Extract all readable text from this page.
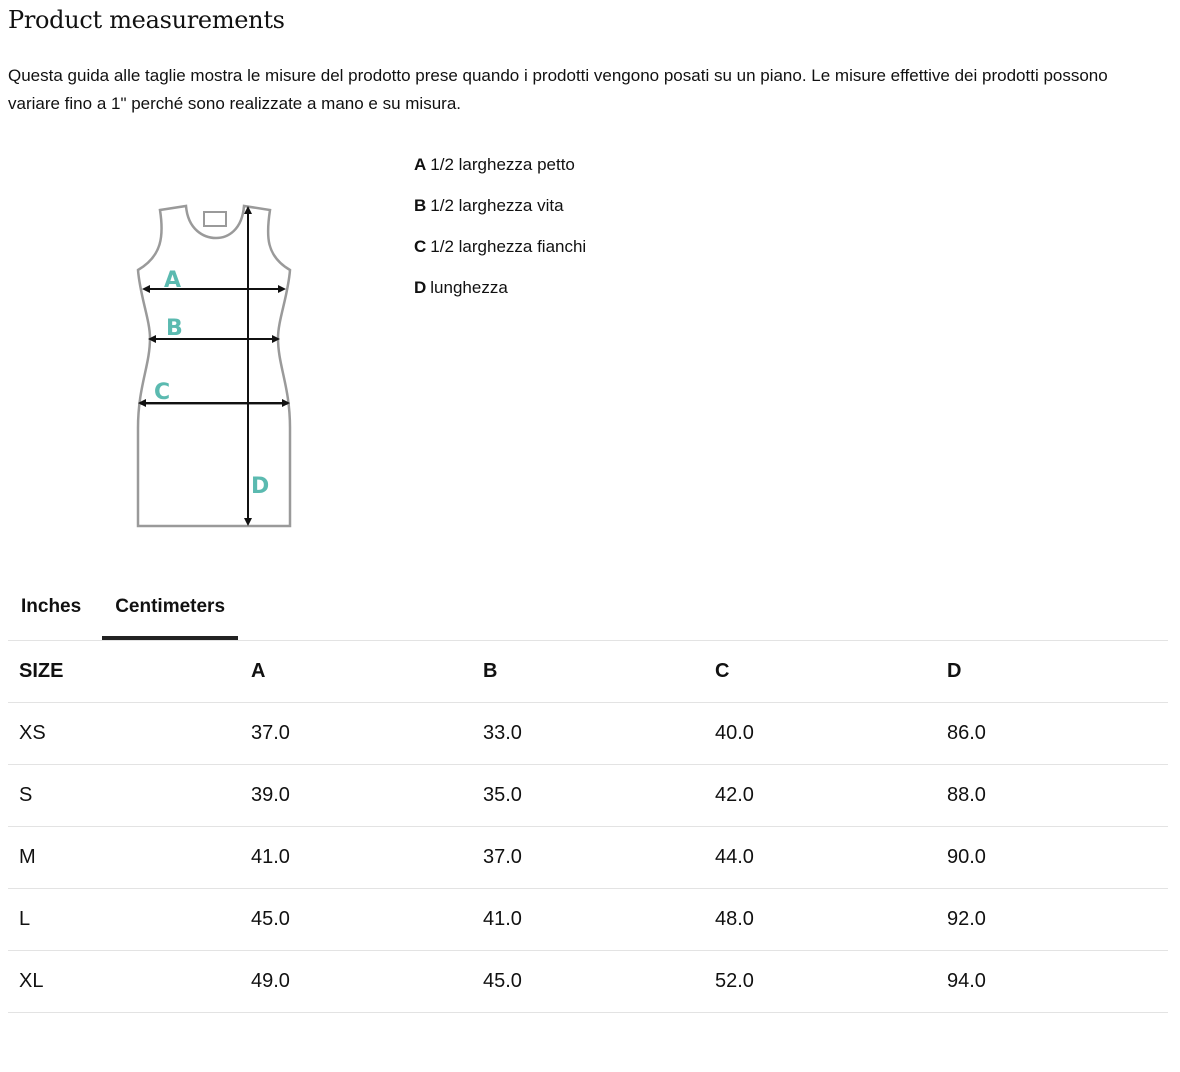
Product measurements

Questa guida alle taglie mostra le misure del prodotto prese quando i prodotti vengono posati su un piano. Le misure effettive dei prodotti possono variare fino a 1" perché sono realizzate a mano e su misura.

A
B
C
D
A 1/2 larghezza petto
B 1/2 larghezza vita
C 1/2 larghezza fianchi
D lunghezza
Inches	Centimeters
SIZE	A	B	C	D
XS	37.0	33.0	40.0	86.0
S	39.0	35.0	42.0	88.0
M	41.0	37.0	44.0	90.0
L	45.0	41.0	48.0	92.0
XL	49.0	45.0	52.0	94.0
